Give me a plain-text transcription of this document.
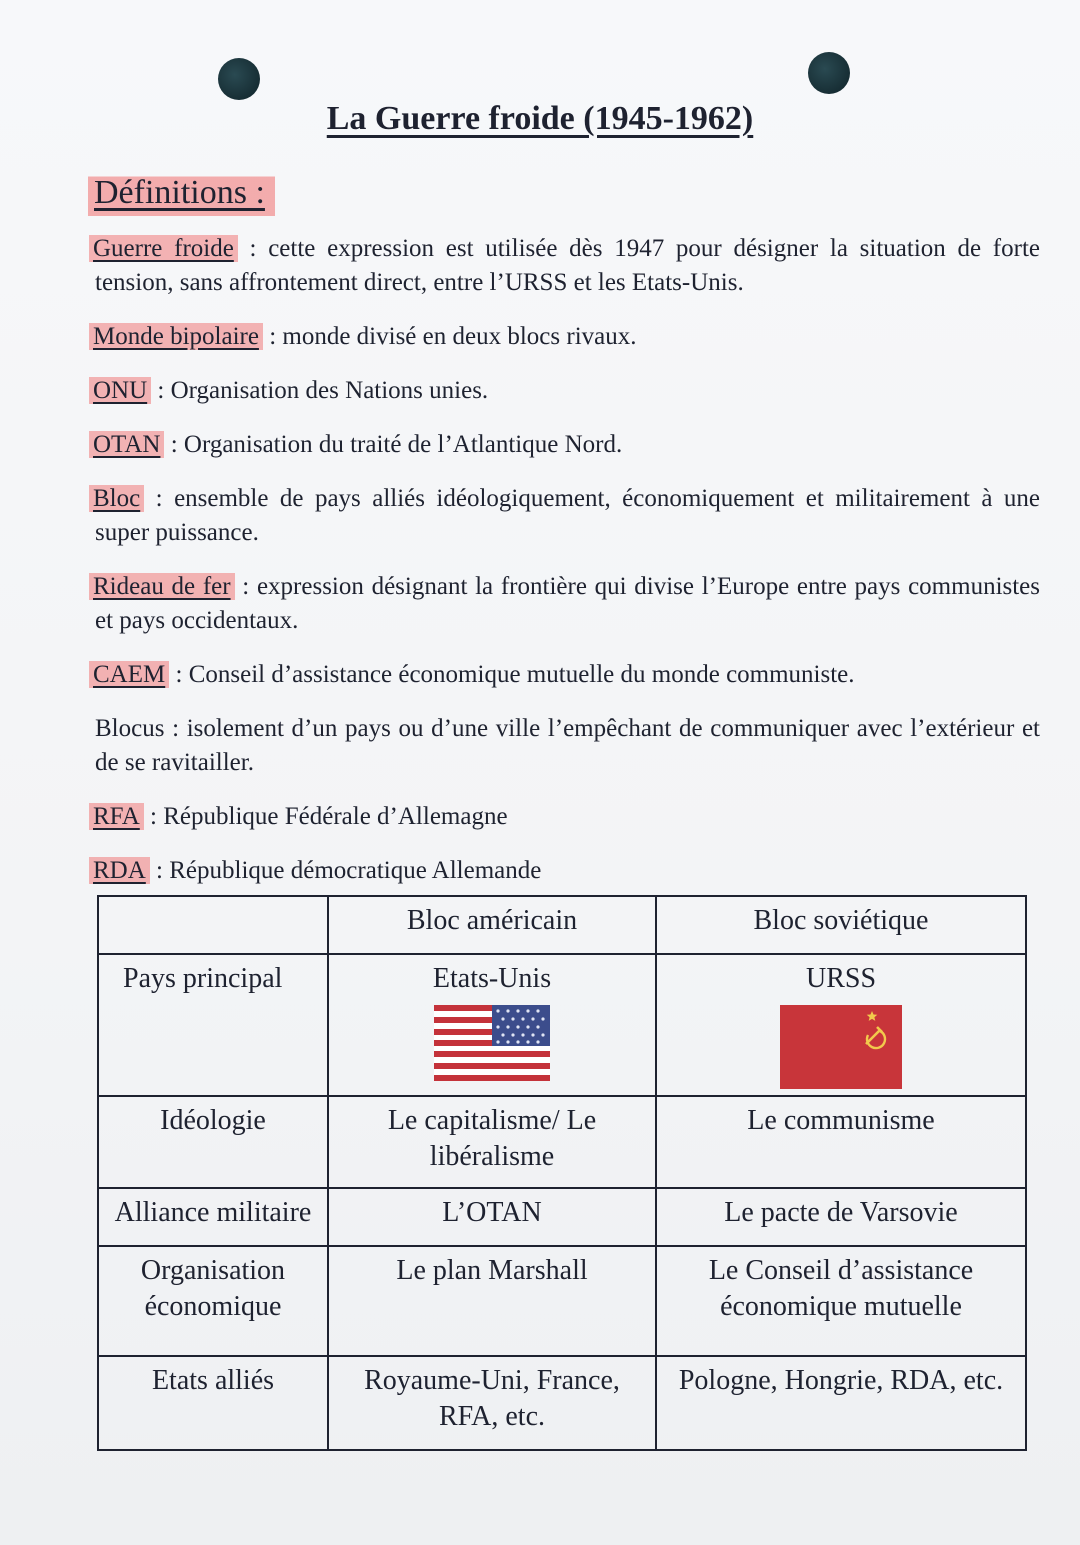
La Guerre froide (1945-1962)
Définitions :

Guerre froide : cette expression est utilisée dès 1947 pour désigner la situation de forte tension, sans affrontement direct, entre l’URSS et les Etats-Unis.

Monde bipolaire : monde divisé en deux blocs rivaux.

ONU : Organisation des Nations unies.

OTAN : Organisation du traité de l’Atlantique Nord.

Bloc : ensemble de pays alliés idéologiquement, économiquement et militairement à une super puissance.

Rideau de fer : expression désignant la frontière qui divise l’Europe entre pays communistes et pays occidentaux.

CAEM : Conseil d’assistance économique mutuelle du monde communiste.

Blocus : isolement d’un pays ou d’une ville l’empêchant de communiquer avec l’extérieur et de se ravitailler.

RFA : République Fédérale d’Allemagne

RDA : République démocratique Allemande

	Bloc américain	Bloc soviétique
Pays principal	Etats-Unis	URSS

Idéologie	Le capitalisme/ Le libéralisme	Le communisme
Alliance militaire	L’OTAN	Le pacte de Varsovie
Organisation économique	Le plan Marshall	Le Conseil d’assistance économique mutuelle
Etats alliés	Royaume-Uni, France, RFA, etc.	Pologne, Hongrie, RDA, etc.
